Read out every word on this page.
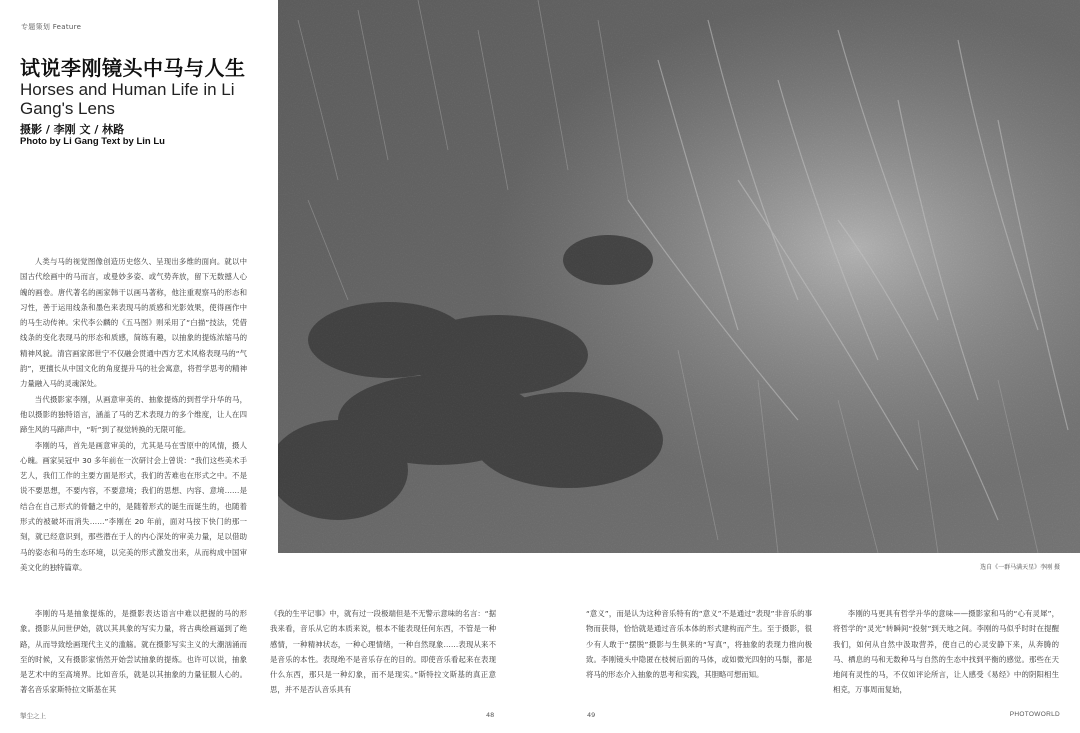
专题策划 Feature
试说李刚镜头中马与人生
Horses and Human Life in Li Gang's Lens
摄影 / 李刚 文 / 林路
Photo by Li Gang Text by Lin Lu

人类与马的视觉图像创造历史悠久、呈现出多维的面向。就以中国古代绘画中的马而言，或曼妙多姿、或气势奔放，留下无数撼人心魄的画卷。唐代著名的画家韩干以画马著称，他注重观察马的形态和习性，善于运用线条和墨色来表现马的质感和光影效果，使得画作中的马生动传神。宋代李公麟的《五马图》则采用了“白描”技法，凭借线条的变化表现马的形态和质感，简练有趣，以抽象的提炼浓缩马的精神风貌。清宫画家郎世宁不仅融会贯通中西方艺术风格表现马的“气韵”，更擅长从中国文化的角度提升马的社会寓意，将哲学思考的精神力量融入马的灵魂深处。

当代摄影家李刚，从画意审美的、抽象提炼的到哲学升华的马，他以摄影的独特语言，涵盖了马的艺术表现力的多个维度，让人在四蹄生风的马蹄声中，“听”到了视觉转换的无限可能。

李刚的马，首先是画意审美的，尤其是马在雪原中的风情，摄人心魄。画家吴冠中 30 多年前在一次研讨会上曾说：“我们这些美术手艺人，我们工作的主要方面是形式，我们的苦难也在形式之中。不是说不要思想，不要内容，不要意境；我们的思想、内容、意境……是结合在自己形式的骨髓之中的，是随着形式的诞生而诞生的，也随着形式的被破坏而消失……”李刚在 20 年前，面对马按下快门的那一刻，就已经意识到，那些潜在于人的内心深处的审美力量，足以借助马的姿态和马的生态环境，以完美的形式激发出来，从而构成中国审美文化的独特篇章。

李刚的马是抽象提炼的，是摄影表达语言中难以把握的马的形象。摄影从问世伊始，就以其具象的写实力量，将古典绘画逼到了绝路，从而导致绘画现代主义的滥觞。就在摄影写实主义的大潮汹涌而至的时候，又有摄影家悄然开始尝试抽象的提炼。也许可以说，抽象是艺术中的至高境界。比如音乐，就是以其抽象的力量征服人心的。著名音乐家斯特拉文斯基在其

《我的生平记事》中，就有过一段极端但是不无警示意味的名言：“据我来看，音乐从它的本质来说，根本不能表现任何东西，不管是一种感情，一种精神状态，一种心理情绪，一种自然现象……表现从来不是音乐的本性。表现绝不是音乐存在的目的。即使音乐看起来在表现什么东西，那只是一种幻象，而不是现实。”斯特拉文斯基的真正意思，并不是否认音乐具有

“意义”，而是认为这种音乐特有的“意义”不是通过“表现”非音乐的事物而获得，恰恰就是通过音乐本体的形式建构而产生。至于摄影，很少有人敢于“摆脱”摄影与生俱来的“写真”，将抽象的表现力推向极致。李刚镜头中隐匿在枝树后面的马体，或如微光四射的马鬃，都是将马的形态介入抽象的思考和实践，其胆略可想而知。

李刚的马更具有哲学升华的意味——摄影家和马的“心有灵犀”，将哲学的“灵光”转瞬间“投射”到天地之间。李刚的马似乎时时在提醒我们，如何从自然中汲取营养，使自己的心灵安静下来，从奔腾的马、栖息的马和无数种马与自然的生态中找到平衡的感觉。那些在天地间有灵性的马，不仅如评论所言，让人感受《易经》中的阴阳相生相克，万事周而复始，

选自《一群马满天星》李刚 摄
掣尘之上	48	49	PHOTOWORLD
